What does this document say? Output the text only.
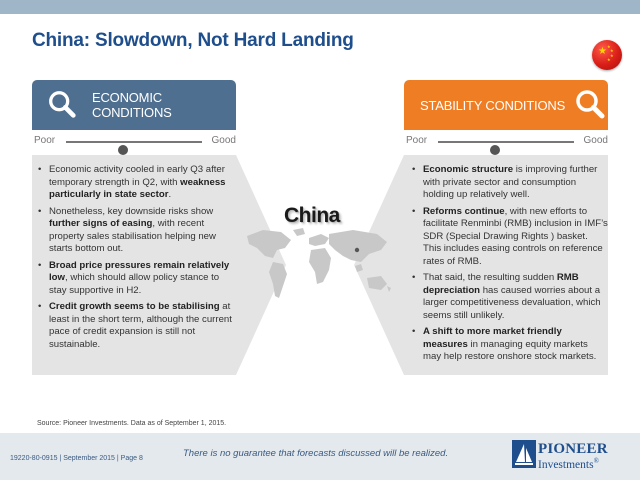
China: Slowdown, Not Hard Landing
★ ★
★
★
★
ECONOMIC CONDITIONS	STABILITY CONDITIONS
Poor	Good	Poor	Good
• Economic activity cooled in early Q3 after temporary strength in Q2, with weakness particularly in state sector.
• Nonetheless, key downside risks show further signs of easing, with recent property sales stabilisation helping new starts bottom out.
• Broad price pressures remain relatively low, which should allow policy stance to stay supportive in H2.
• Credit growth seems to be stabilising at least in the short term, although the current pace of credit expansion is still not sustainable.
• Economic structure is improving further with private sector and consumption holding up relatively well.
• Reforms continue, with new efforts to facilitate Renminbi (RMB) inclusion in IMF’s SDR (Special Drawing Rights ) basket. This includes easing controls on reference rates of RMB.
• That said, the resulting sudden RMB depreciation has caused worries about a larger competitiveness devaluation, which seems still unlikely.
• A shift to more market friendly measures in managing equity markets may help restore onshore stock markets.
China
Source: Pioneer Investments. Data as of September 1, 2015.
There is no guarantee that forecasts discussed will be realized.
19220-80-0915 | September 2015 | Page 8
PIONEER
Investments®
